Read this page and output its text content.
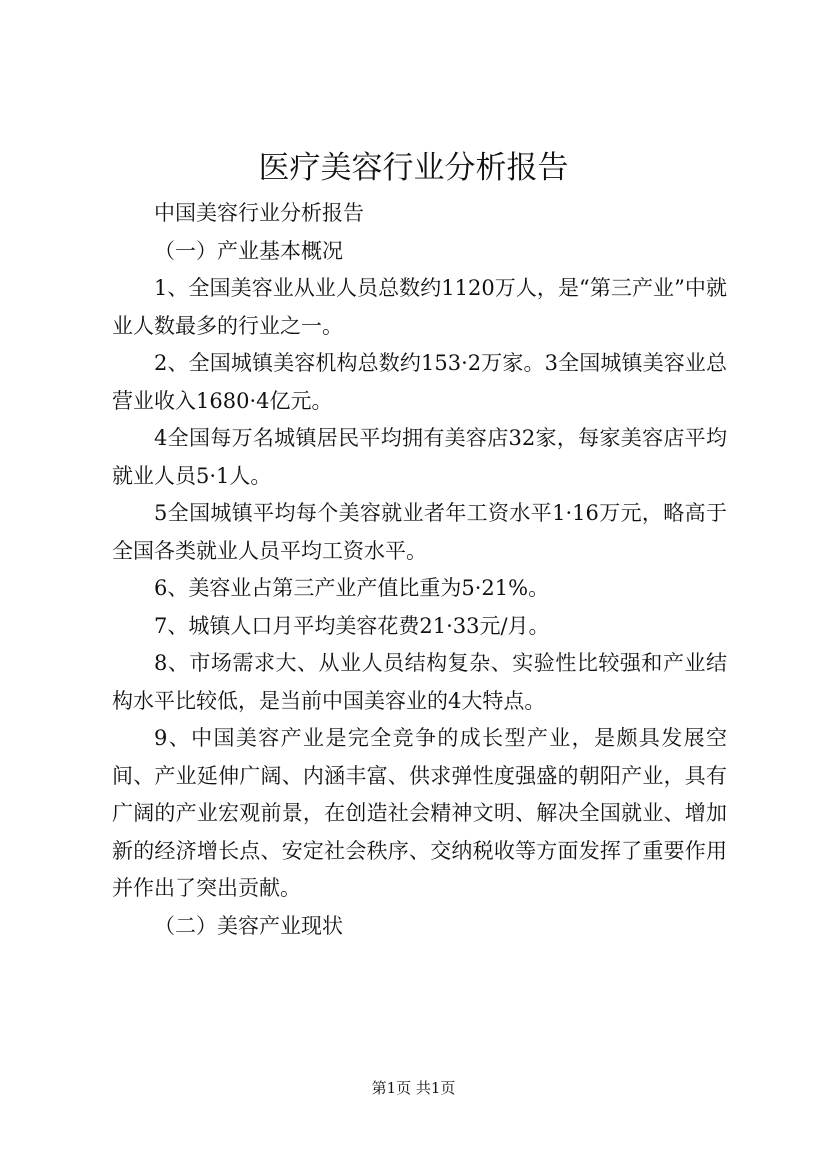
医疗美容行业分析报告

中国美容行业分析报告

（一）产业基本概况

1、全国美容业从业人员总数约1120万人，是“第三产业”中就业人数最多的行业之一。

2、全国城镇美容机构总数约153·2万家。3全国城镇美容业总营业收入1680·4亿元。

4全国每万名城镇居民平均拥有美容店32家，每家美容店平均就业人员5·1人。

5全国城镇平均每个美容就业者年工资水平1·16万元，略高于全国各类就业人员平均工资水平。

6、美容业占第三产业产值比重为5·21%。

7、城镇人口月平均美容花费21·33元/月。

8、市场需求大、从业人员结构复杂、实验性比较强和产业结构水平比较低，是当前中国美容业的4大特点。

9、中国美容产业是完全竞争的成长型产业，是颇具发展空间、产业延伸广阔、内涵丰富、供求弹性度强盛的朝阳产业，具有广阔的产业宏观前景，在创造社会精神文明、解决全国就业、增加新的经济增长点、安定社会秩序、交纳税收等方面发挥了重要作用并作出了突出贡献。

（二）美容产业现状

第1页 共1页
